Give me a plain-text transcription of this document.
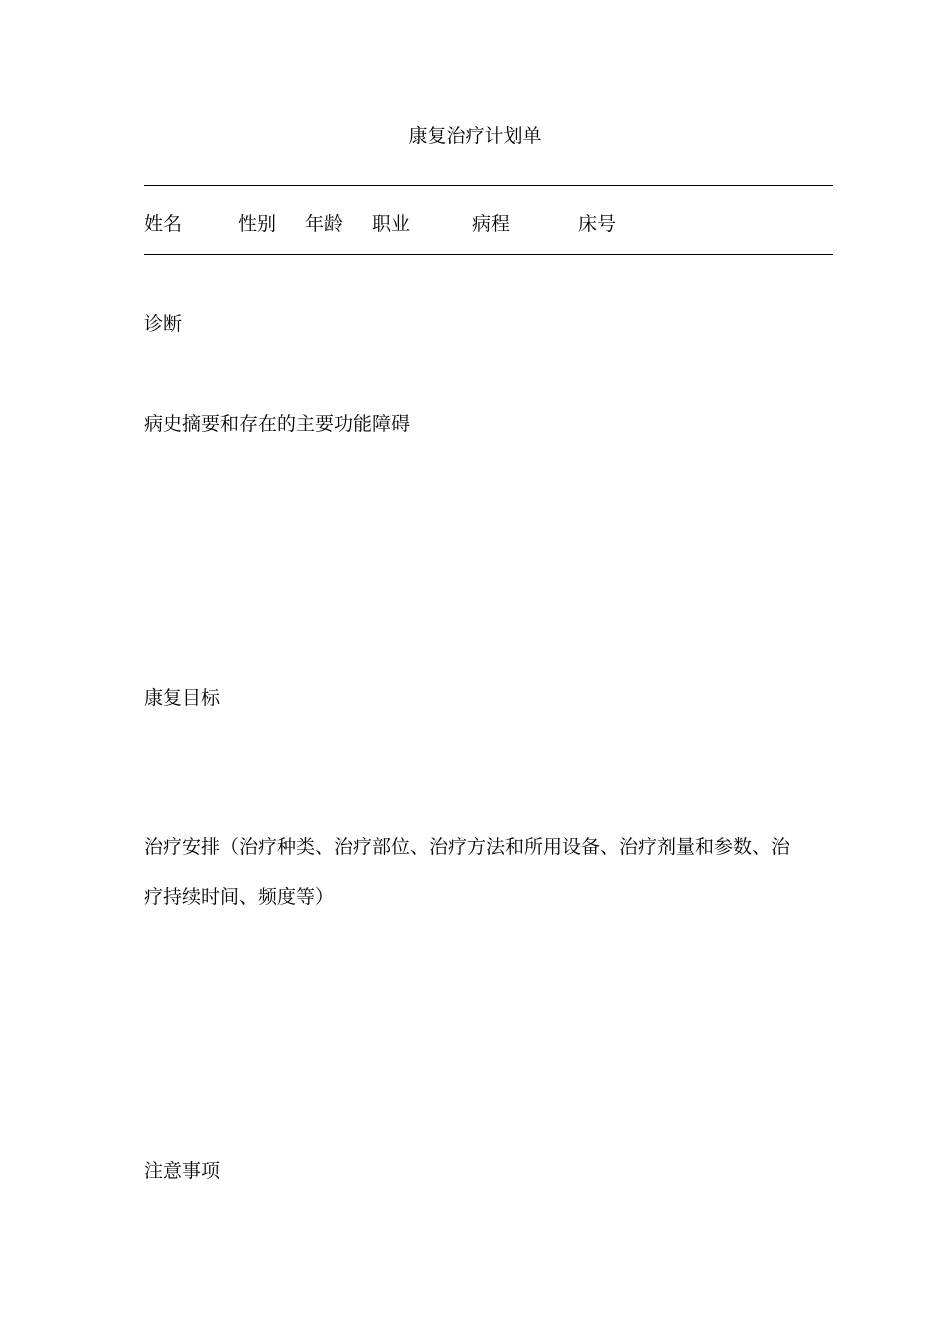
康复治疗计划单
姓名	性别 年龄 职业	病程	床号
诊断
病史摘要和存在的主要功能障碍
康复目标
治疗安排（治疗种类、治疗部位、治疗方法和所用设备、治疗剂量和参数、治
疗持续时间、频度等）
注意事项
